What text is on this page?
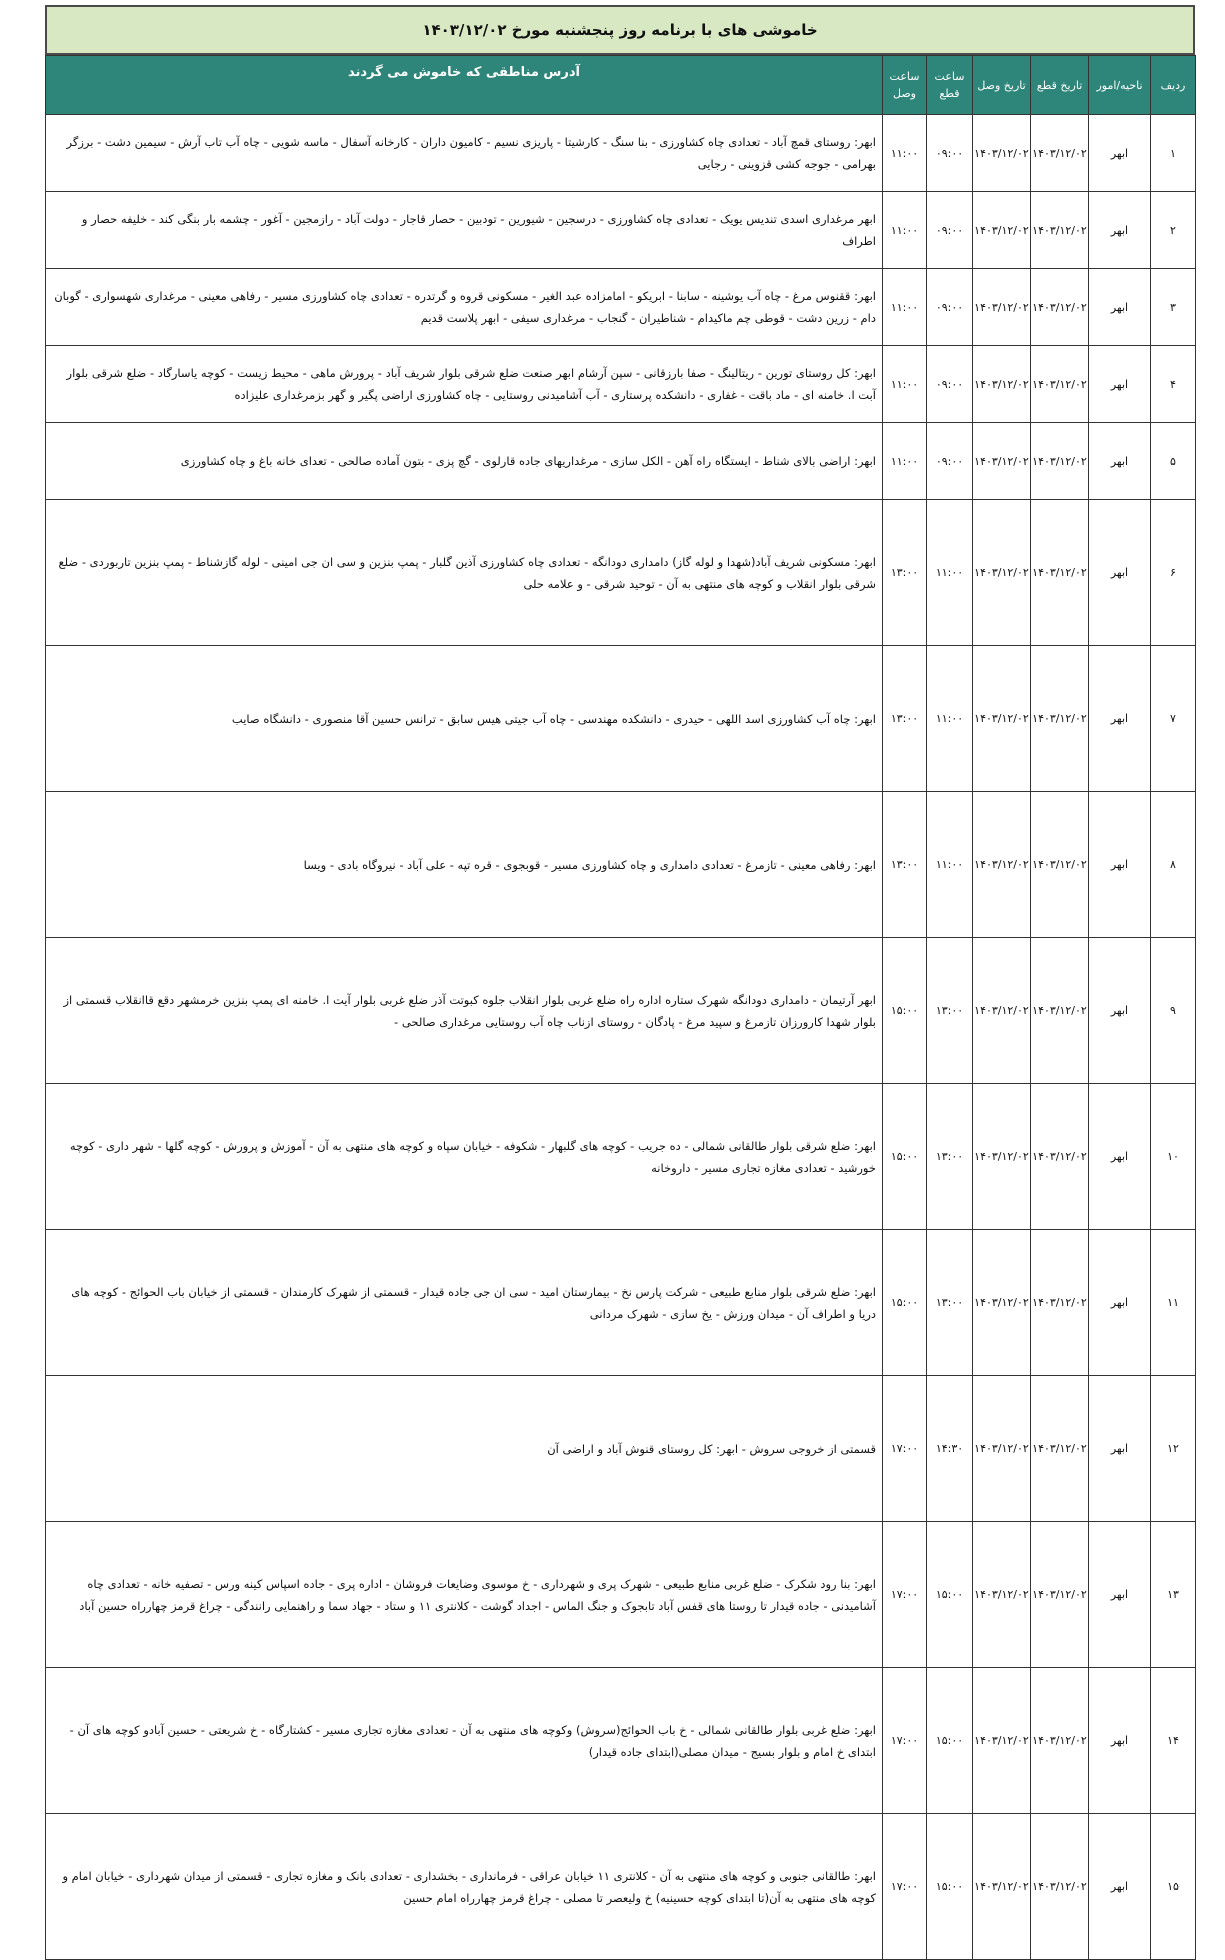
خاموشی های با برنامه روز پنجشنبه مورخ ۱۴۰۳/۱۲/۰۲
ردیف	ناحیه/امور	تاریخ قطع	تاریخ وصل	ساعت قطع	ساعت وصل	آدرس مناطقی که خاموش می گردند
۱	ابهر	۱۴۰۳/۱۲/۰۲	۱۴۰۳/۱۲/۰۲	۰۹:۰۰	۱۱:۰۰	ابهر: روستای قمچ آباد - تعدادی چاه کشاورزی - بنا سنگ - کارشیتا - پاریزی نسیم - کامیون داران - کارخانه آسفال - ماسه شویی - چاه آب تاب آرش - سیمین دشت - برزگر بهرامی - جوجه کشی قزوینی - رجایی
۲	ابهر	۱۴۰۳/۱۲/۰۲	۱۴۰۳/۱۲/۰۲	۰۹:۰۰	۱۱:۰۰	ابهر مرغداری اسدی تندیس یویک - تعدادی چاه کشاورزی - درسجین - شیورین - تودبین - حصار قاجار - دولت آباد - رازمجین - آغور - چشمه بار بنگی کند - خلیفه حصار و اطراف
۳	ابهر	۱۴۰۳/۱۲/۰۲	۱۴۰۳/۱۲/۰۲	۰۹:۰۰	۱۱:۰۰	ابهر: ققنوس مرغ - چاه آب یوشینه - سابنا - ابریکو - امامزاده عبد الغیر - مسکونی قروه و گرتدره - تعدادی چاه کشاورزی مسیر - رفاهی معینی - مرغداری شهسواری - گوبان دام - زرین دشت - قوطی چم ماکیدام - شناطیران - گنجاب - مرغداری سیفی - ابهر پلاست قدیم
۴	ابهر	۱۴۰۳/۱۲/۰۲	۱۴۰۳/۱۲/۰۲	۰۹:۰۰	۱۱:۰۰	ابهر: کل روستای تورین - ریتالینگ - صفا بارزقانی - سپن آرشام ابهر صنعت ضلع شرقی بلوار شریف آباد - پرورش ماهی - محیط زیست - کوچه یاسارگاد - ضلع شرقی بلوار آبت ا. خامنه ای - ماد باقت - غفاری - دانشکده پرستاری - آب آشامیدنی روستایی - چاه کشاورزی اراضی پگیر و گهر بزمرغداری علیزاده
۵	ابهر	۱۴۰۳/۱۲/۰۲	۱۴۰۳/۱۲/۰۲	۰۹:۰۰	۱۱:۰۰	ابهر: اراضی بالای شناط - ایستگاه راه آهن - الکل سازی - مرغداریهای جاده قارلوی - گچ پزی - بتون آماده صالحی - تعدای خانه باغ و چاه کشاورزی
۶	ابهر	۱۴۰۳/۱۲/۰۲	۱۴۰۳/۱۲/۰۲	۱۱:۰۰	۱۳:۰۰	ابهر: مسکونی شریف آباد(شهدا و لوله گاز) دامداری دودانگه - تعدادی چاه کشاورزی آذین گلبار - پمپ بنزین و سی ان جی امینی - لوله گازشناط - پمپ بنزین تاربوردی - ضلع شرقی بلوار انقلاب و کوچه های منتهی به آن - توحید شرقی - و علامه حلی
۷	ابهر	۱۴۰۳/۱۲/۰۲	۱۴۰۳/۱۲/۰۲	۱۱:۰۰	۱۳:۰۰	ابهر: چاه آب کشاورزی اسد اللهی - حیدری - دانشکده مهندسی - چاه آب جیتی هیس سابق - ترانس حسین آقا منصوری - دانشگاه صایب
۸	ابهر	۱۴۰۳/۱۲/۰۲	۱۴۰۳/۱۲/۰۲	۱۱:۰۰	۱۳:۰۰	ابهر: رفاهی معینی - تازمرغ - تعدادی دامداری و چاه کشاورزی مسیر - قوبجوی - قره تپه - علی آباد - نیروگاه بادی - ویسا
۹	ابهر	۱۴۰۳/۱۲/۰۲	۱۴۰۳/۱۲/۰۲	۱۳:۰۰	۱۵:۰۰	ابهر آرتیمان - دامداری دودانگه شهرک ستاره اداره راه ضلع غربی بلوار انقلاب جلوه کبوتت آذر ضلع غربی بلوار آیت ا. خامنه ای پمپ بنزین خرمشهر دقع قاانقلاب قسمتی از بلوار شهدا کارورزان تازمرغ و سپید مرغ - پادگان - روستای ازناب چاه آب روستایی مرغداری صالحی -
۱۰	ابهر	۱۴۰۳/۱۲/۰۲	۱۴۰۳/۱۲/۰۲	۱۳:۰۰	۱۵:۰۰	ابهر: ضلع شرقی بلوار طالقانی شمالی - ده جریب - کوچه های گلبهار - شکوفه - خیابان سپاه و کوچه های منتهی به آن - آموزش و پرورش - کوچه گلها - شهر داری - کوچه خورشید - تعدادی مغازه تجاری مسیر - داروخانه
۱۱	ابهر	۱۴۰۳/۱۲/۰۲	۱۴۰۳/۱۲/۰۲	۱۳:۰۰	۱۵:۰۰	ابهر: ضلع شرقی بلوار منابع طبیعی - شرکت پارس نخ - بیمارستان امید - سی ان جی جاده قیدار - قسمتی از شهرک کارمندان - قسمتی از خیابان باب الحوائج - کوچه های دریا و اطراف آن - میدان ورزش - یخ سازی - شهرک مردانی
۱۲	ابهر	۱۴۰۳/۱۲/۰۲	۱۴۰۳/۱۲/۰۲	۱۴:۳۰	۱۷:۰۰	قسمتی از خروجی سروش - ابهر: کل روستای قنوش آباد و اراضی آن
۱۳	ابهر	۱۴۰۳/۱۲/۰۲	۱۴۰۳/۱۲/۰۲	۱۵:۰۰	۱۷:۰۰	ابهر: بنا رود شکرک - ضلع غربی منابع طبیعی - شهرک پری و شهرداری - خ موسوی وضایعات فروشان - اداره پری - جاده اسپاس کینه ورس - تصفیه خانه - تعدادی چاه آشامیدنی - جاده قیدار تا روستا های قفس آباد تابجوک و جنگ الماس - اجداد گوشت - کلانتری ۱۱ و ستاد - جهاد سما و راهنمایی رانندگی - چراغ قرمز چهارراه حسین آباد
۱۴	ابهر	۱۴۰۳/۱۲/۰۲	۱۴۰۳/۱۲/۰۲	۱۵:۰۰	۱۷:۰۰	ابهر: ضلع غربی بلوار طالقانی شمالی - خ باب الحوائج(سروش) وکوچه های منتهی به آن - تعدادی مغازه تجاری مسیر - کشتارگاه - خ شریعتی - حسین آبادو کوچه های آن - ابتدای خ امام و بلوار بسیج - میدان مصلی(ابتدای جاده قیدار)
۱۵	ابهر	۱۴۰۳/۱۲/۰۲	۱۴۰۳/۱۲/۰۲	۱۵:۰۰	۱۷:۰۰	ابهر: طالقانی جنوبی و کوچه های منتهی به آن - کلانتری ۱۱ خیابان عراقی - فرمانداری - بخشداری - تعدادی بانک و مغازه تجاری - قسمتی از میدان شهرداری - خیابان امام و کوچه های منتهی به آن(تا ابتدای کوچه حسینیه) خ ولیعصر تا مصلی - چراغ قرمز چهارراه امام حسین
